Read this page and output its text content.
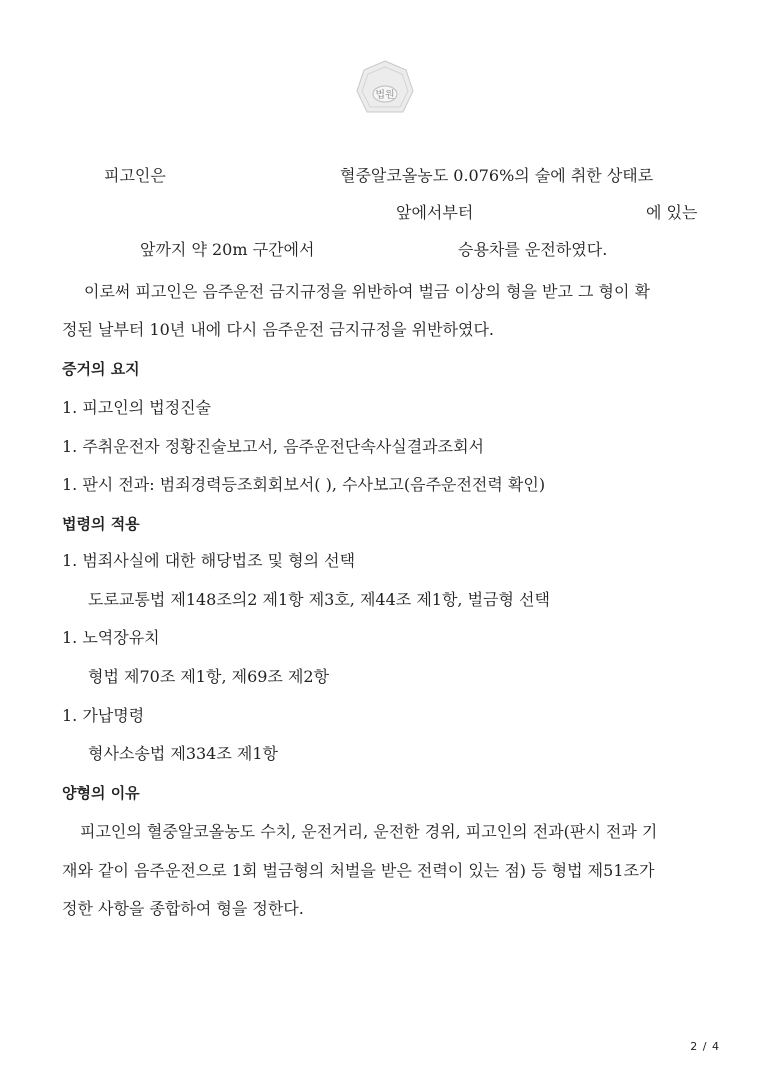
법원
피고인은	혈중알코올농도 0.076%의 술에 취한 상태로
앞에서부터	에 있는
앞까지 약 20m 구간에서	승용차를 운전하였다.
이로써 피고인은 음주운전 금지규정을 위반하여 벌금 이상의 형을 받고 그 형이 확
정된 날부터 10년 내에 다시 음주운전 금지규정을 위반하였다.
증거의 요지
1. 피고인의 법정진술
1. 주취운전자 정황진술보고서, 음주운전단속사실결과조회서
1. 판시 전과: 범죄경력등조회회보서( ), 수사보고(음주운전전력 확인)
법령의 적용
1. 범죄사실에 대한 해당법조 및 형의 선택
도로교통법 제148조의2 제1항 제3호, 제44조 제1항, 벌금형 선택
1. 노역장유치
형법 제70조 제1항, 제69조 제2항
1. 가납명령
형사소송법 제334조 제1항
양형의 이유
피고인의 혈중알코올농도 수치, 운전거리, 운전한 경위, 피고인의 전과(판시 전과 기
재와 같이 음주운전으로 1회 벌금형의 처벌을 받은 전력이 있는 점) 등 형법 제51조가
정한 사항을 종합하여 형을 정한다.
2 / 4
